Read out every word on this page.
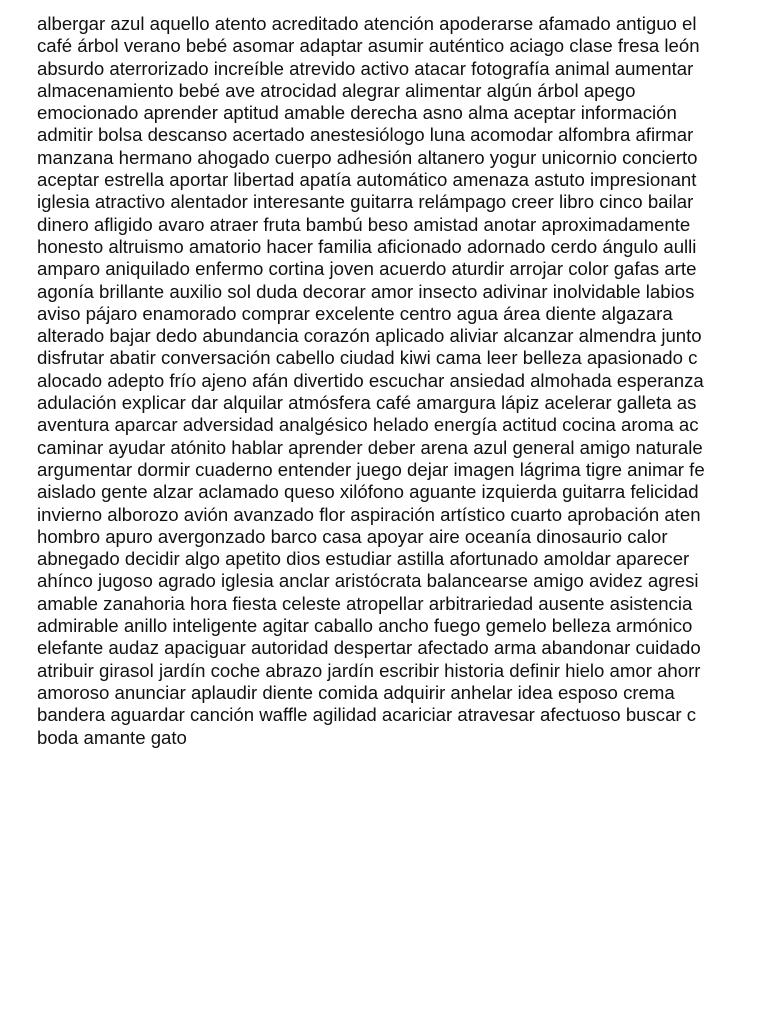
albergar azul aquello atento acreditado atención apoderarse afamado antiguo el
café árbol verano bebé asomar adaptar asumir auténtico aciago clase fresa león
absurdo aterrorizado increíble atrevido activo atacar fotografía animal aumentar
almacenamiento bebé ave atrocidad alegrar alimentar algún árbol apego
emocionado aprender aptitud amable derecha asno alma aceptar información
admitir bolsa descanso acertado anestesiólogo luna acomodar alfombra afirmar
manzana hermano ahogado cuerpo adhesión altanero yogur unicornio concierto
aceptar estrella aportar libertad apatía automático amenaza astuto impresionant
iglesia atractivo alentador interesante guitarra relámpago creer libro cinco bailar
dinero afligido avaro atraer fruta bambú beso amistad anotar aproximadamente
honesto altruismo amatorio hacer familia aficionado adornado cerdo ángulo aulli
amparo aniquilado enfermo cortina joven acuerdo aturdir arrojar color gafas arte
agonía brillante auxilio sol duda decorar amor insecto adivinar inolvidable labios
aviso pájaro enamorado comprar excelente centro agua área diente algazara
alterado bajar dedo abundancia corazón aplicado aliviar alcanzar almendra junto
disfrutar abatir conversación cabello ciudad kiwi cama leer belleza apasionado c
alocado adepto frío ajeno afán divertido escuchar ansiedad almohada esperanza
adulación explicar dar alquilar atmósfera café amargura lápiz acelerar galleta as
aventura aparcar adversidad analgésico helado energía actitud cocina aroma ac
caminar ayudar atónito hablar aprender deber arena azul general amigo naturale
argumentar dormir cuaderno entender juego dejar imagen lágrima tigre animar fe
aislado gente alzar aclamado queso xilófono aguante izquierda guitarra felicidad
invierno alborozo avión avanzado flor aspiración artístico cuarto aprobación aten
hombro apuro avergonzado barco casa apoyar aire oceanía dinosaurio calor
abnegado decidir algo apetito dios estudiar astilla afortunado amoldar aparecer
ahínco jugoso agrado iglesia anclar aristócrata balancearse amigo avidez agresi
amable zanahoria hora fiesta celeste atropellar arbitrariedad ausente asistencia
admirable anillo inteligente agitar caballo ancho fuego gemelo belleza armónico
elefante audaz apaciguar autoridad despertar afectado arma abandonar cuidado
atribuir girasol jardín coche abrazo jardín escribir historia definir hielo amor ahorr
amoroso anunciar aplaudir diente comida adquirir anhelar idea esposo crema
bandera aguardar canción waffle agilidad acariciar atravesar afectuoso buscar c
boda amante gato
